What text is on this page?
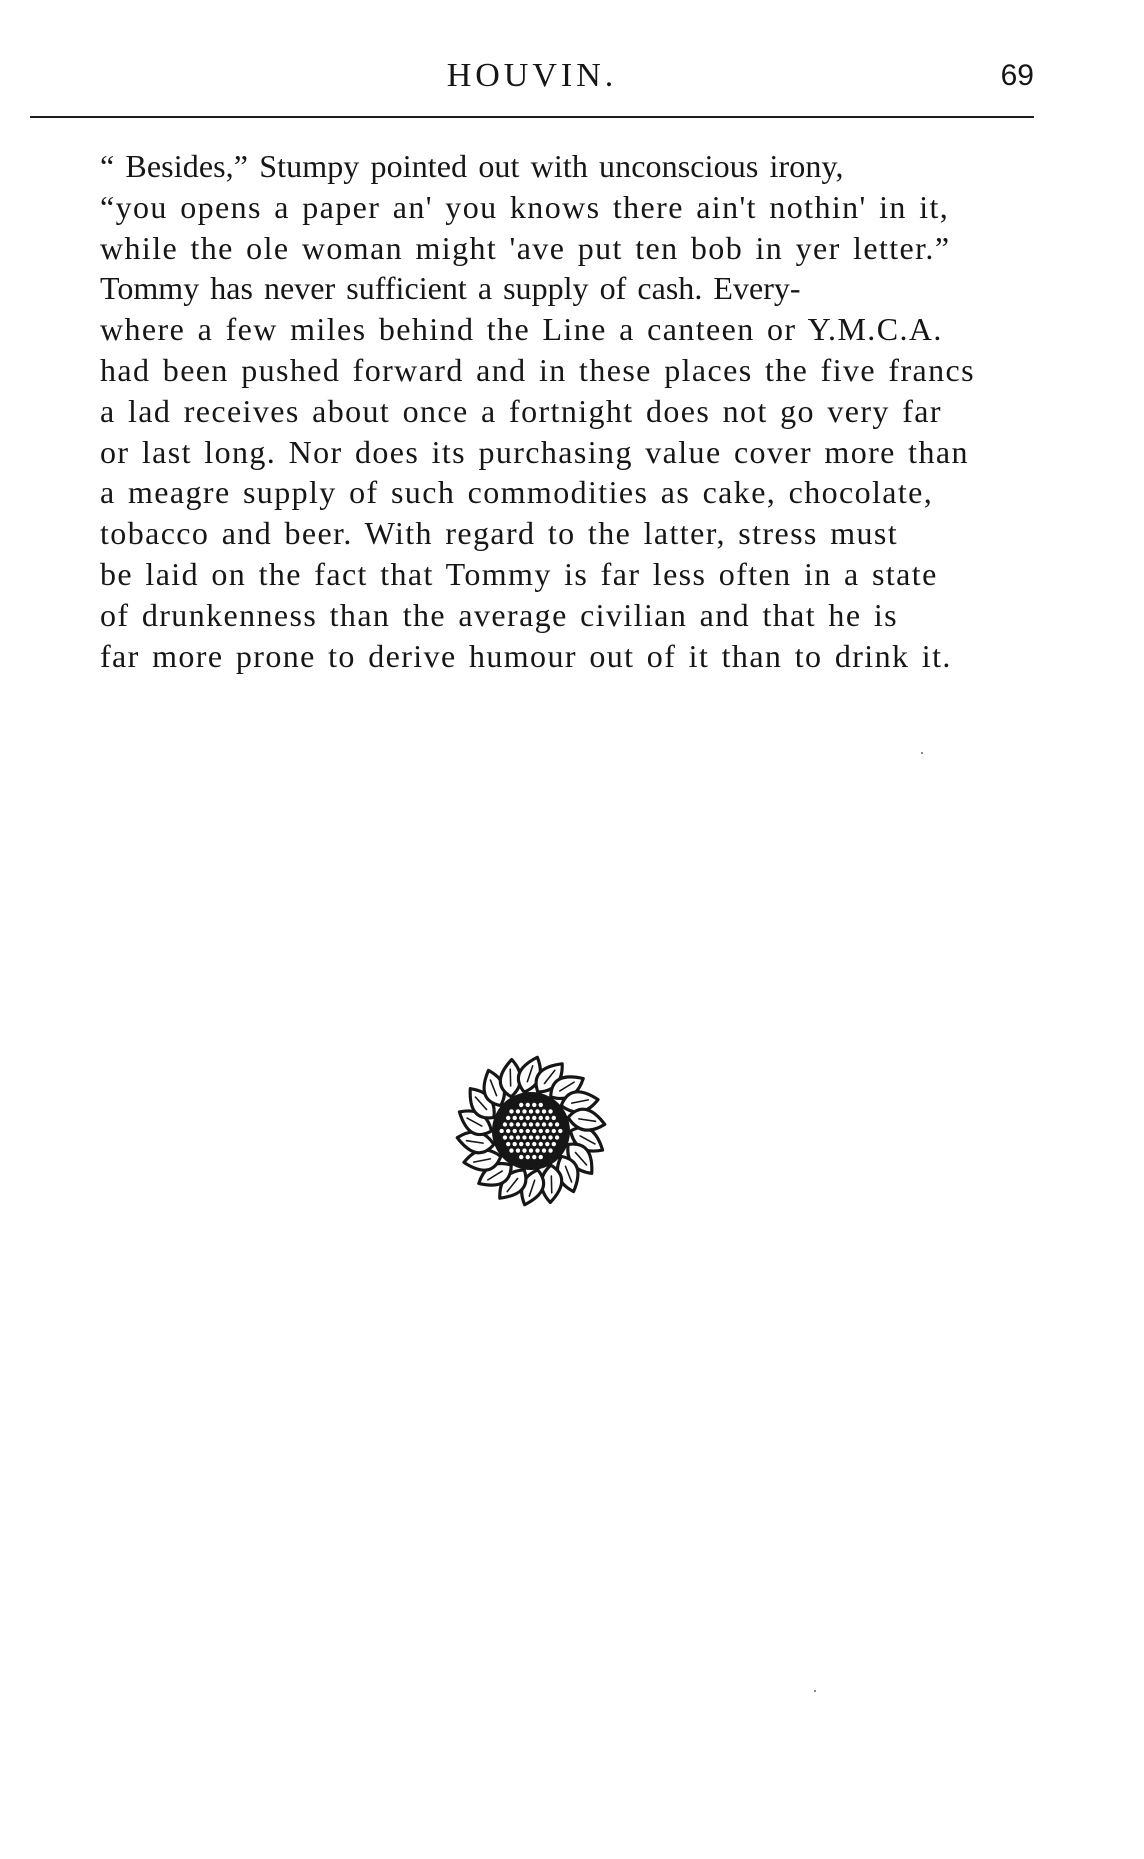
HOUVIN.	69

“ Besides,” Stumpy pointed out with unconscious irony,
“you opens a paper an' you knows there ain't nothin' in it,
while the ole woman might 'ave put ten bob in yer letter.”

Tommy has never sufficient a supply of cash. Every-
where a few miles behind the Line a canteen or Y.M.C.A.
had been pushed forward and in these places the five francs
a lad receives about once a fortnight does not go very far
or last long. Nor does its purchasing value cover more than
a meagre supply of such commodities as cake, chocolate,
tobacco and beer. With regard to the latter, stress must
be laid on the fact that Tommy is far less often in a state
of drunkenness than the average civilian and that he is
far more prone to derive humour out of it than to drink it.
